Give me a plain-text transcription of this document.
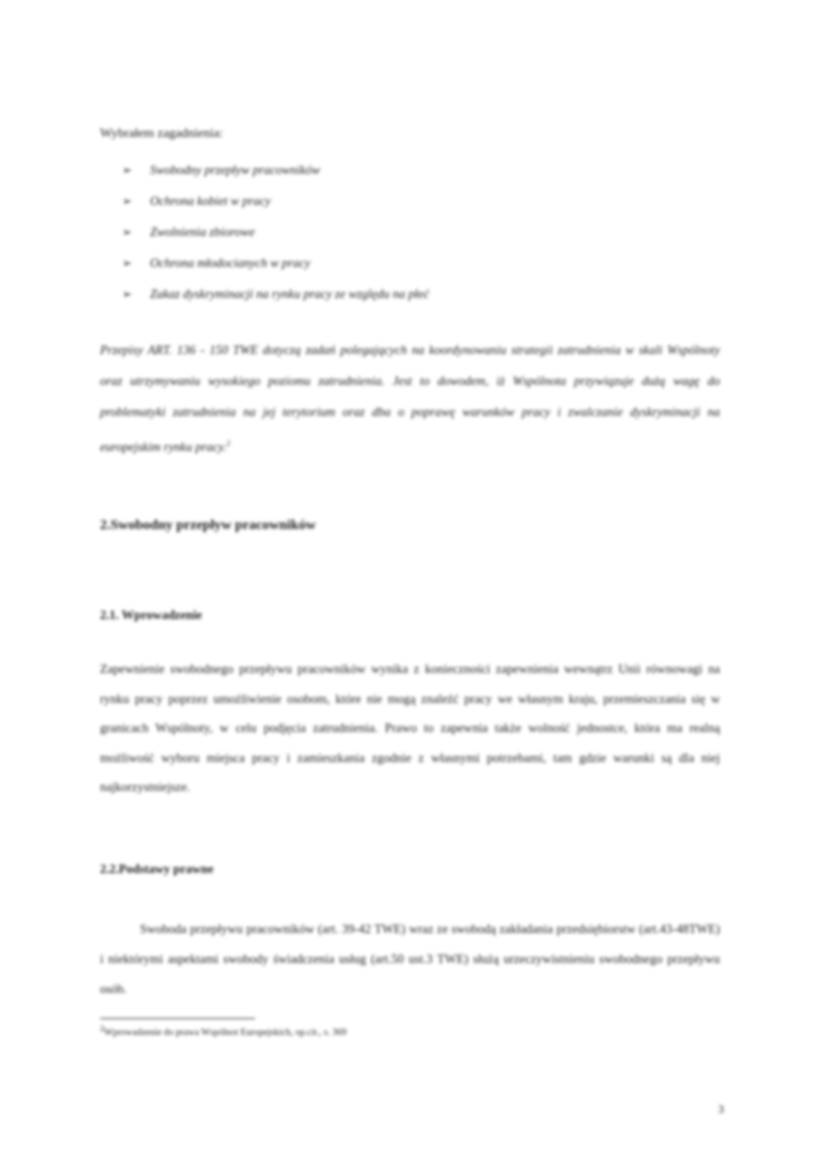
Wybrałem zagadnienia:
➢	Swobodny przepływ pracowników
➢	Ochrona kobiet w pracy
➢	Zwolnienia zbiorowe
➢	Ochrona młodocianych w pracy
➢	Zakaz dyskryminacji na rynku pracy ze względu na płeć
Przepisy ART. 136 - 150 TWE dotyczą zadań polegających na koordynowaniu strategii zatrudnienia w skali Wspólnoty oraz utrzymywaniu wysokiego poziomu zatrudnienia. Jest to dowodem, iż Wspólnota przywiązuje dużą wagę do problematyki zatrudnienia na jej terytorium oraz dba o poprawę warunków pracy i zwalczanie dyskryminacji na europejskim rynku pracy.$^2$
2.Swobodny przepływ pracowników
2.1. Wprowadzenie
Zapewnienie swobodnego przepływu pracowników wynika z konieczności zapewnienia wewnątrz Unii równowagi na rynku pracy poprzez umożliwienie osobom, które nie mogą znaleźć pracy we własnym kraju, przemieszczania się w granicach Wspólnoty, w celu podjęcia zatrudnienia. Prawo to zapewnia także wolność jednostce, która ma realną możliwość wyboru miejsca pracy i zamieszkania zgodnie z własnymi potrzebami, tam gdzie warunki są dla niej najkorzystniejsze.
2.2.Podstawy prawne
Swoboda przepływu pracowników (art. 39-42 TWE) wraz ze swobodą zakładania przedsiębiorstw (art.43-48TWE) i niektórymi aspektami swobody świadczenia usług (art.50 ust.3 TWE) służą urzeczywistnieniu swobodnego przepływu osób.
$^2$Wprowadzenie do prawa Wspólnot Europejskich, op.cit., s. 369
3
